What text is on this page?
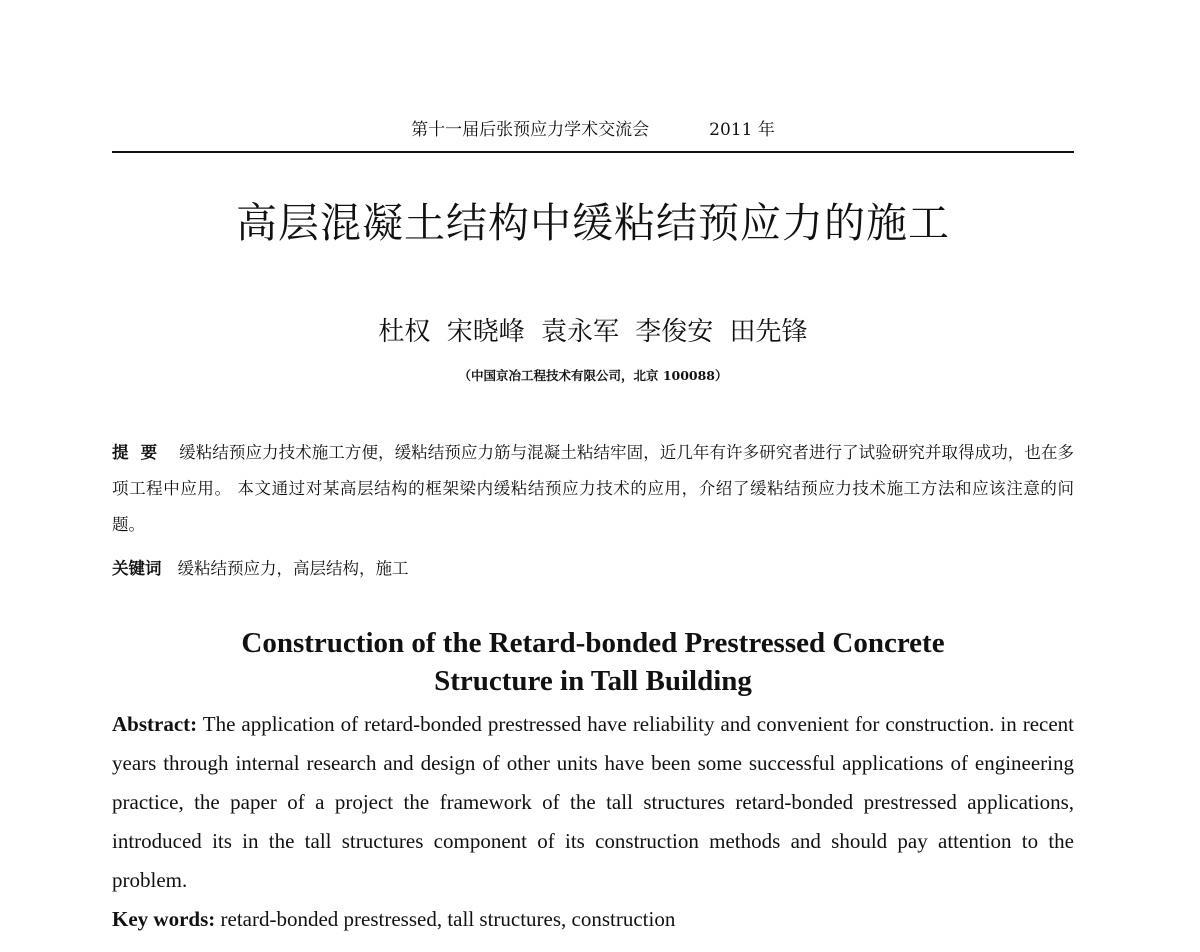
第十一届后张预应力学术交流会	2011 年
高层混凝土结构中缓粘结预应力的施工
杜权 宋晓峰 袁永军 李俊安 田先锋
（中国京冶工程技术有限公司，北京 100088）
提要 缓粘结预应力技术施工方便，缓粘结预应力筋与混凝土粘结牢固，近几年有许多研究者进行了试验研究并取得成功，也在多项工程中应用。 本文通过对某高层结构的框架梁内缓粘结预应力技术的应用，介绍了缓粘结预应力技术施工方法和应该注意的问题。
关键词 缓粘结预应力，高层结构，施工
Construction of the Retard-bonded Prestressed Concrete
Structure in Tall Building
Abstract: The application of retard-bonded prestressed have reliability and convenient for construction. in recent years through internal research and design of other units have been some successful applications of engineering practice, the paper of a project the framework of the tall structures retard-bonded prestressed applications, introduced its in the tall structures component of its construction methods and should pay attention to the problem.
Key words: retard-bonded prestressed, tall structures, construction
